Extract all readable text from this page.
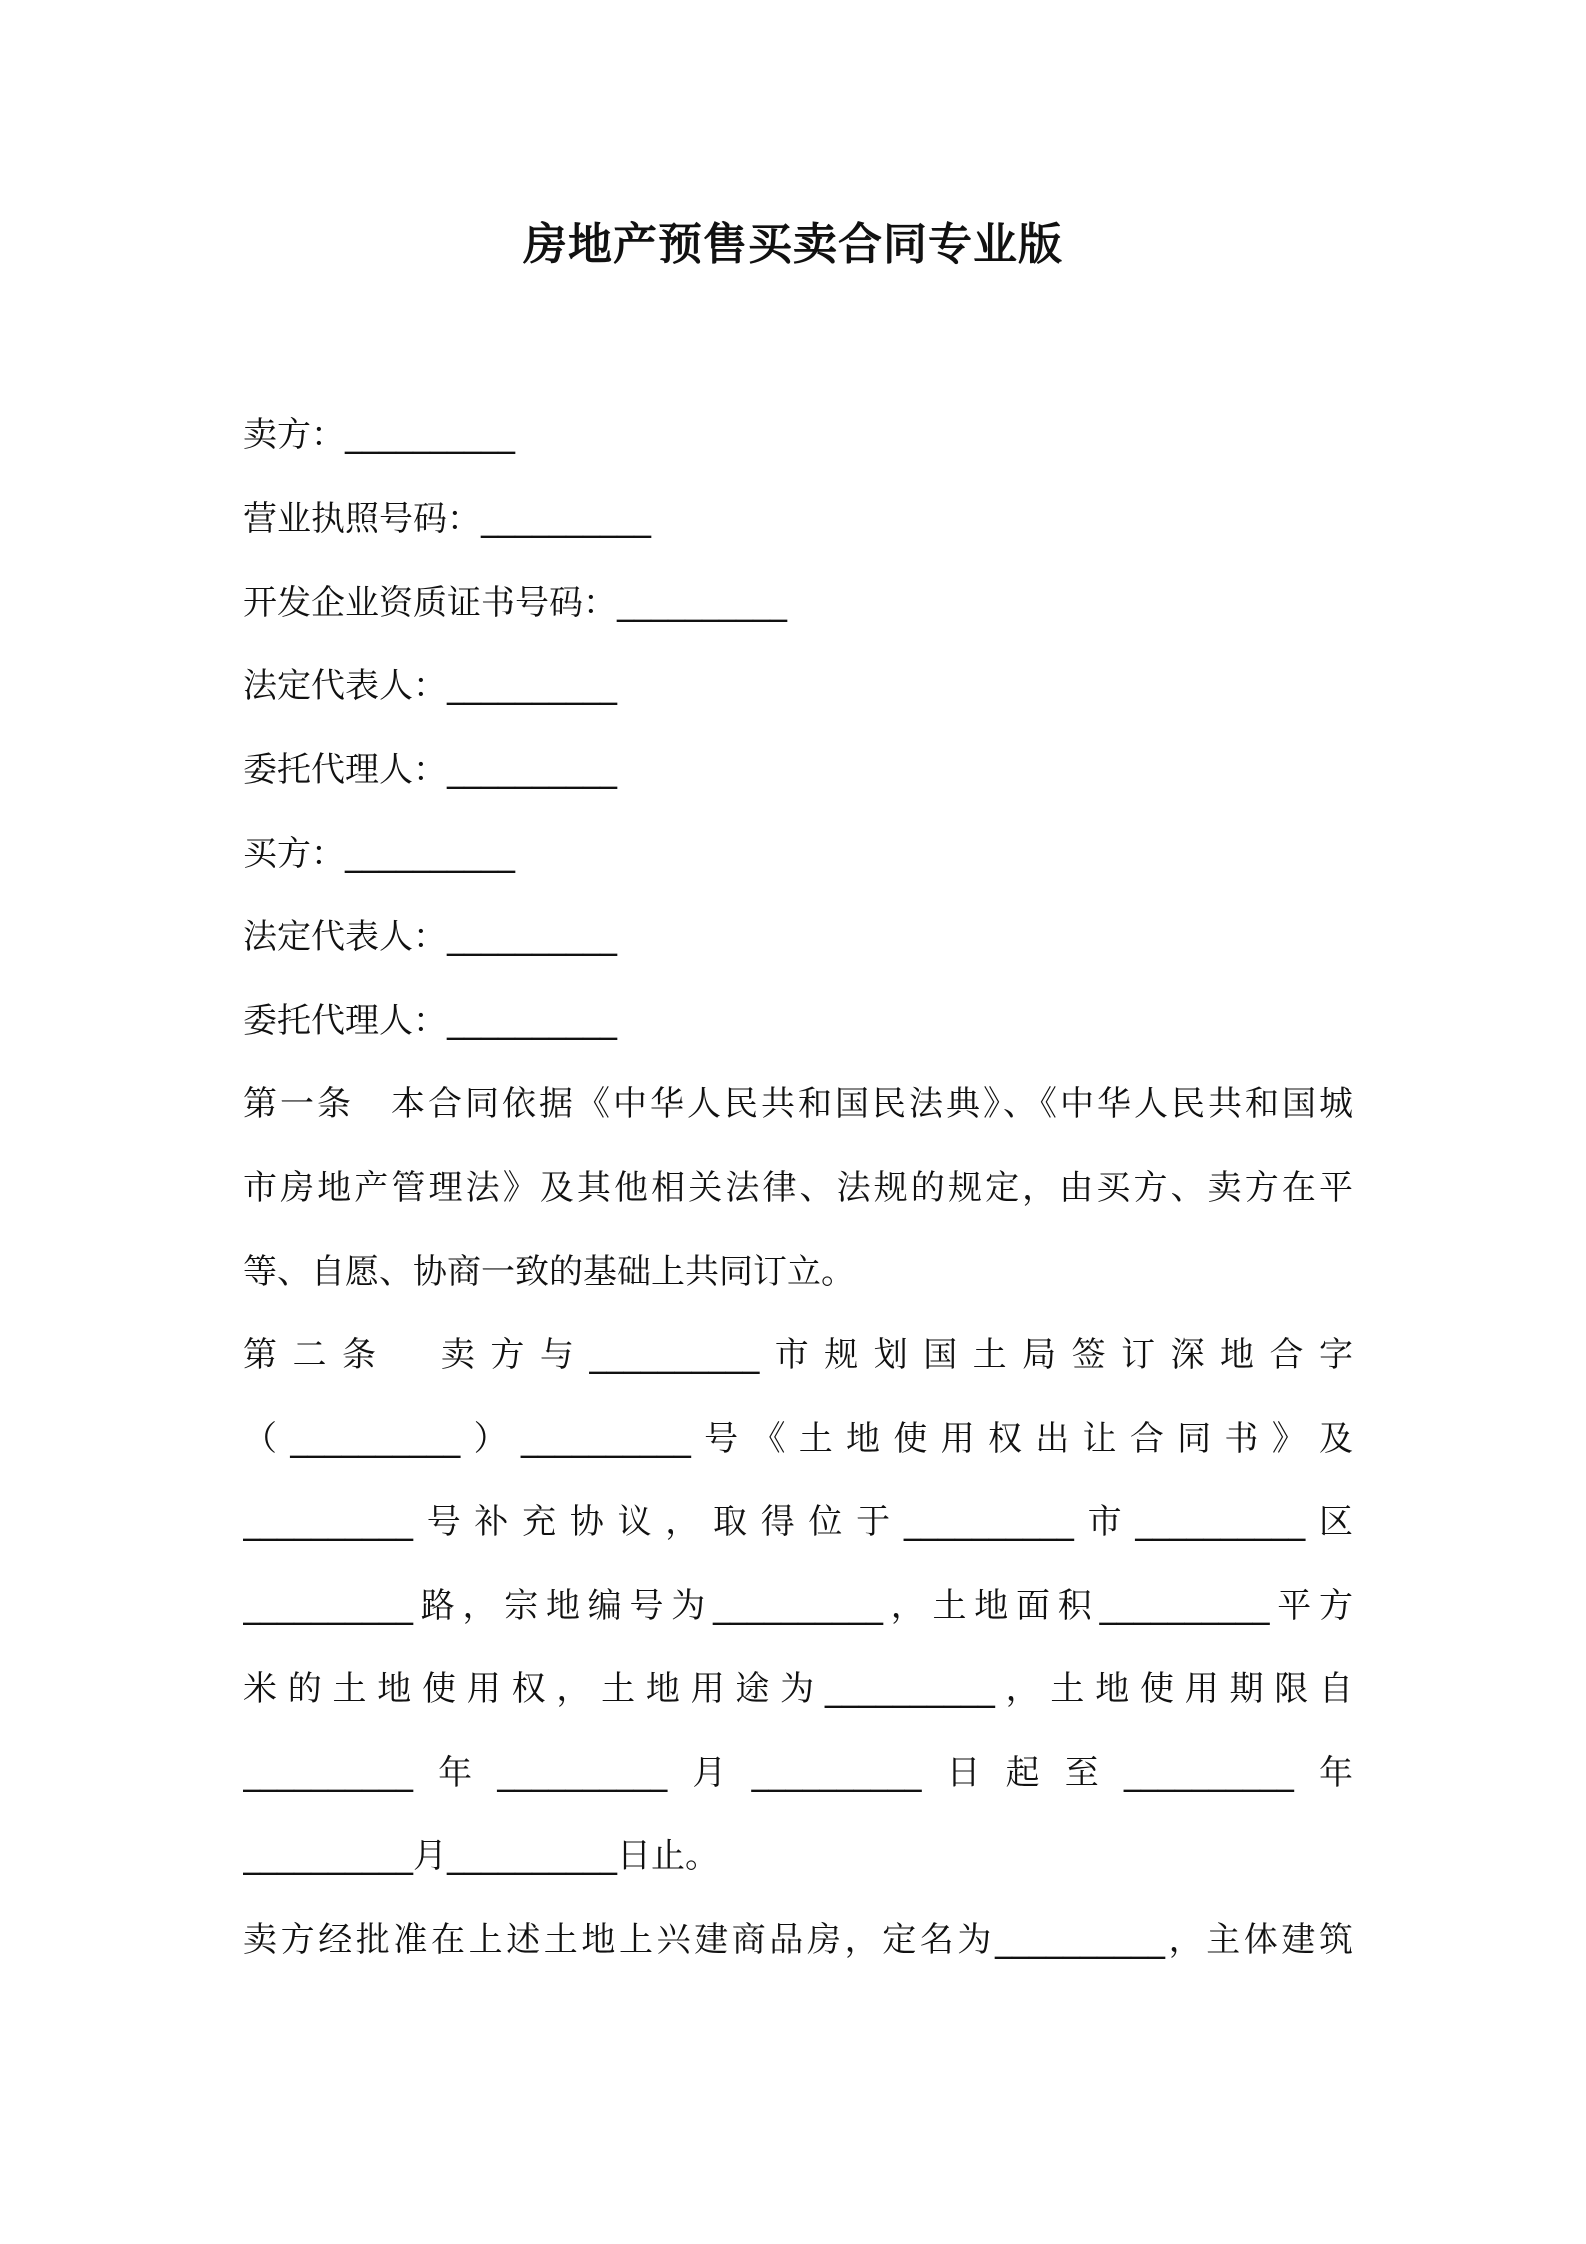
房地产预售买卖合同专业版
卖方：__________
营业执照号码：__________
开发企业资质证书号码：__________
法定代表人：__________
委托代理人：__________
买方：__________
法定代表人：__________
委托代理人：__________
第一条　本合同依据《中华人民共和国民法典》、《中华人民共和国城
市房地产管理法》及其他相关法律、法规的规定，由买方、卖方在平
等、自愿、协商一致的基础上共同订立。
第二条　卖方与__________市规划国土局签订深地合字
（__________）__________号《土地使用权出让合同书》及
__________号补充协议，取得位于__________市__________区
__________路，宗地编号为__________，土地面积__________平方
米的土地使用权，土地用途为__________，土地使用期限自
__________年__________月__________日起至__________年
__________月__________日止。
卖方经批准在上述土地上兴建商品房，定名为__________，主体建筑
